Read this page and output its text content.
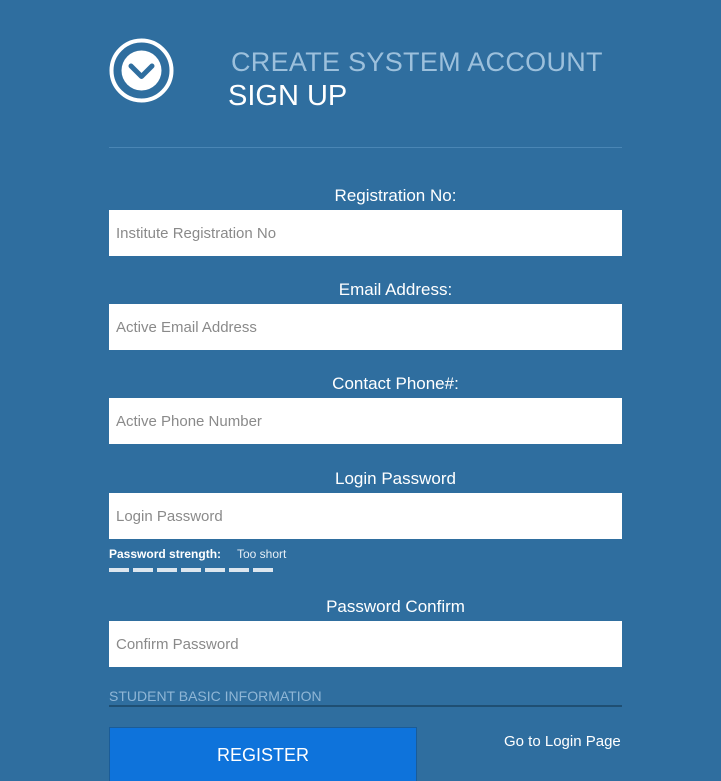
CREATE SYSTEM ACCOUNT
SIGN UP
Registration No:
Institute Registration No
Email Address:
Active Email Address
Contact Phone#:
Active Phone Number
Login Password
Password strength: Too short
Password Confirm
STUDENT BASIC INFORMATION
REGISTER
Go to Login Page
